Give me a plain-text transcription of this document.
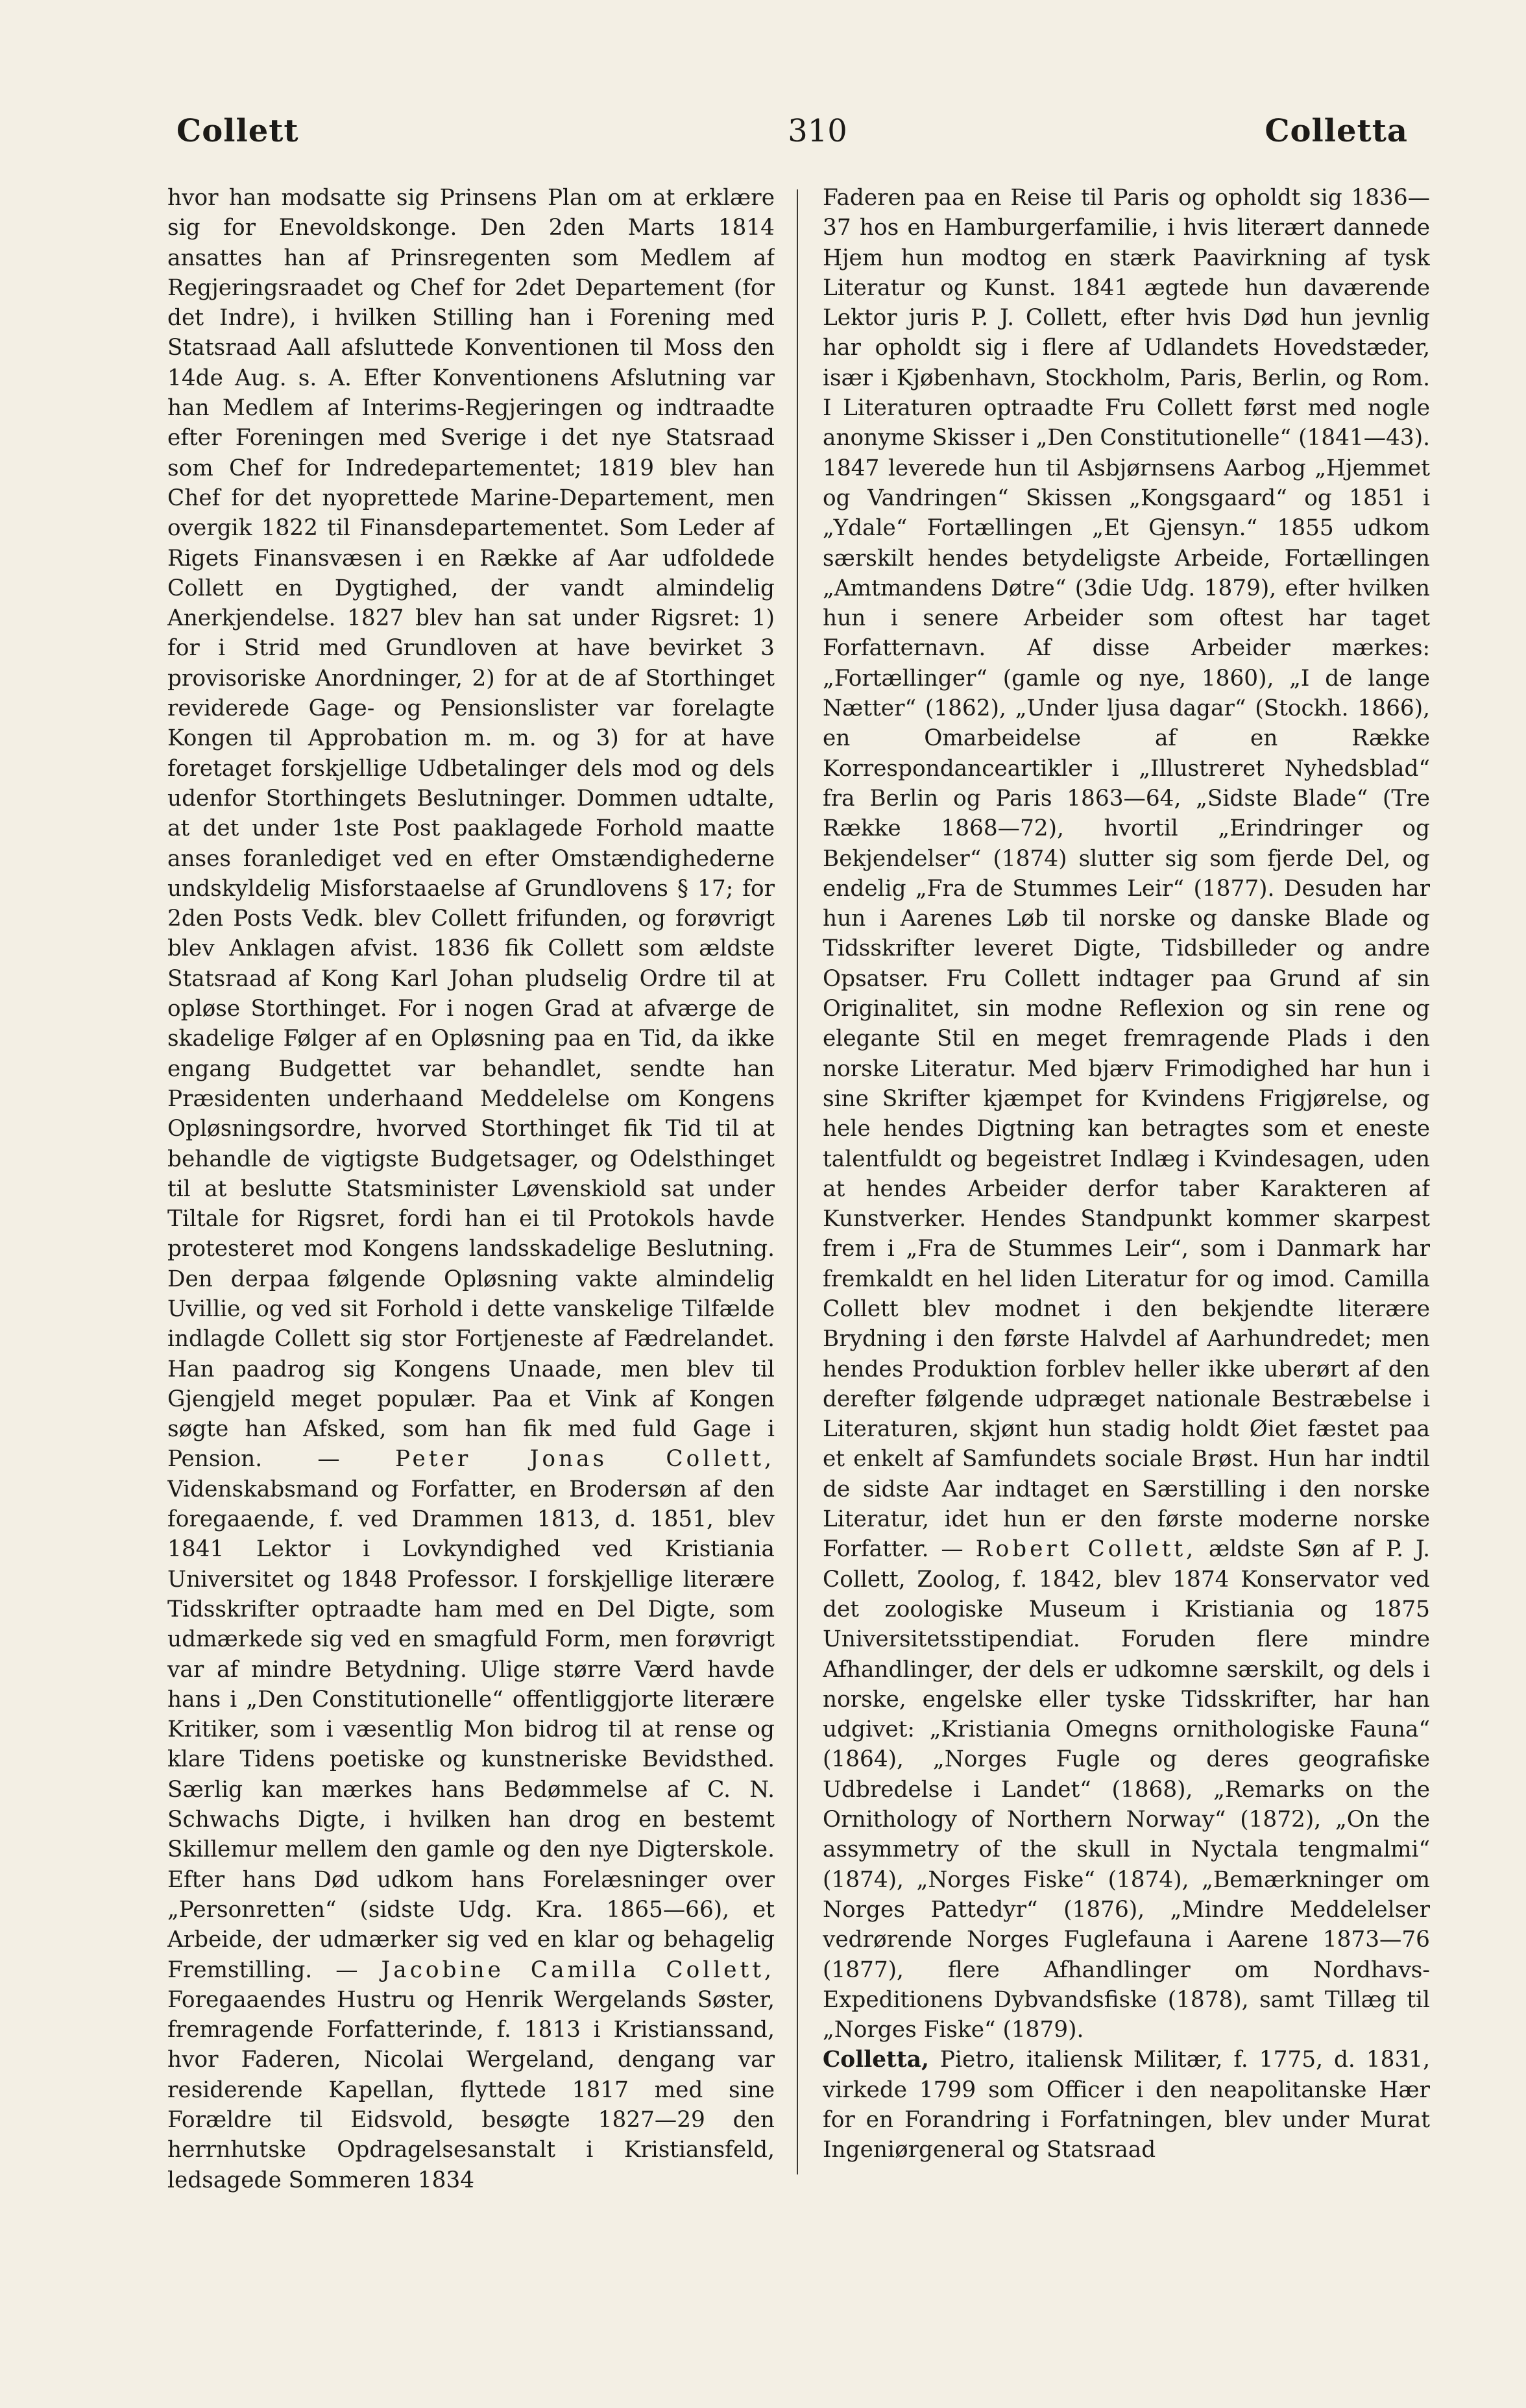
Collett	310	Colletta

hvor han modsatte sig Prinsens Plan om at erklære sig for Enevoldskonge. Den 2den Marts 1814 ansattes han af Prinsregenten som Medlem af Regjeringsraadet og Chef for 2det Departement (for det Indre), i hvilken Stilling han i Forening med Statsraad Aall afsluttede Konventionen til Moss den 14de Aug. s. A. Efter Konventionens Afslutning var han Medlem af Interims-Regjeringen og indtraadte efter Foreningen med Sverige i det nye Statsraad som Chef for Indredepartementet; 1819 blev han Chef for det nyoprettede Marine-Departement, men overgik 1822 til Finansdepartementet. Som Leder af Rigets Finansvæsen i en Række af Aar udfoldede Collett en Dygtighed, der vandt almindelig Anerkjendelse. 1827 blev han sat under Rigsret: 1) for i Strid med Grundloven at have bevirket 3 provisoriske Anordninger, 2) for at de af Storthinget reviderede Gage- og Pensionslister var forelagte Kongen til Approbation m. m. og 3) for at have foretaget forskjellige Udbetalinger dels mod og dels udenfor Storthingets Beslutninger. Dommen udtalte, at det under 1ste Post paaklagede Forhold maatte anses foranlediget ved en efter Omstændighederne undskyldelig Misforstaaelse af Grundlovens § 17; for 2den Posts Vedk. blev Collett frifunden, og forøvrigt blev Anklagen afvist. 1836 fik Collett som ældste Statsraad af Kong Karl Johan pludselig Ordre til at opløse Storthinget. For i nogen Grad at afværge de skadelige Følger af en Opløsning paa en Tid, da ikke engang Budgettet var behandlet, sendte han Præsidenten underhaand Meddelelse om Kongens Opløsningsordre, hvorved Storthinget fik Tid til at behandle de vigtigste Budgetsager, og Odelsthinget til at beslutte Statsminister Løvenskiold sat under Tiltale for Rigsret, fordi han ei til Protokols havde protesteret mod Kongens landsskadelige Beslutning. Den derpaa følgende Opløsning vakte almindelig Uvillie, og ved sit Forhold i dette vanskelige Tilfælde indlagde Collett sig stor Fortjeneste af Fædrelandet. Han paadrog sig Kongens Unaade, men blev til Gjengjeld meget populær. Paa et Vink af Kongen søgte han Afsked, som han fik med fuld Gage i Pension. — Peter Jonas Collett, Videnskabsmand og Forfatter, en Brodersøn af den foregaaende, f. ved Drammen 1813, d. 1851, blev 1841 Lektor i Lovkyndighed ved Kristiania Universitet og 1848 Professor. I forskjellige literære Tidsskrifter optraadte ham med en Del Digte, som udmærkede sig ved en smagfuld Form, men forøvrigt var af mindre Betydning. Ulige større Værd havde hans i „Den Constitutionelle“ offentliggjorte literære Kritiker, som i væsentlig Mon bidrog til at rense og klare Tidens poetiske og kunstneriske Bevidsthed. Særlig kan mærkes hans Bedømmelse af C. N. Schwachs Digte, i hvilken han drog en bestemt Skillemur mellem den gamle og den nye Digterskole. Efter hans Død udkom hans Forelæsninger over „Personretten“ (sidste Udg. Kra. 1865—66), et Arbeide, der udmærker sig ved en klar og behagelig Fremstilling. — Jacobine Camilla Collett, Foregaaendes Hustru og Henrik Wergelands Søster, fremragende Forfatterinde, f. 1813 i Kristianssand, hvor Faderen, Nicolai Wergeland, dengang var residerende Kapellan, flyttede 1817 med sine Forældre til Eidsvold, besøgte 1827—29 den herrnhutske Opdragelsesanstalt i Kristiansfeld, ledsagede Sommeren 1834

Faderen paa en Reise til Paris og opholdt sig 1836—37 hos en Hamburgerfamilie, i hvis literært dannede Hjem hun modtog en stærk Paavirkning af tysk Literatur og Kunst. 1841 ægtede hun daværende Lektor juris P. J. Collett, efter hvis Død hun jevnlig har opholdt sig i flere af Udlandets Hovedstæder, især i Kjøbenhavn, Stockholm, Paris, Berlin, og Rom. I Literaturen optraadte Fru Collett først med nogle anonyme Skisser i „Den Constitutionelle“ (1841—43). 1847 leverede hun til Asbjørnsens Aarbog „Hjemmet og Vandringen“ Skissen „Kongsgaard“ og 1851 i „Ydale“ Fortællingen „Et Gjensyn.“ 1855 udkom særskilt hendes betydeligste Arbeide, Fortællingen „Amtmandens Døtre“ (3die Udg. 1879), efter hvilken hun i senere Arbeider som oftest har taget Forfatternavn. Af disse Arbeider mærkes: „Fortællinger“ (gamle og nye, 1860), „I de lange Nætter“ (1862), „Under ljusa dagar“ (Stockh. 1866), en Omarbeidelse af en Række Korrespondanceartikler i „Illustreret Nyhedsblad“ fra Berlin og Paris 1863—64, „Sidste Blade“ (Tre Række 1868—72), hvortil „Erindringer og Bekjendelser“ (1874) slutter sig som fjerde Del, og endelig „Fra de Stummes Leir“ (1877). Desuden har hun i Aarenes Løb til norske og danske Blade og Tidsskrifter leveret Digte, Tidsbilleder og andre Opsatser. Fru Collett indtager paa Grund af sin Originalitet, sin modne Reflexion og sin rene og elegante Stil en meget fremragende Plads i den norske Literatur. Med bjærv Frimodighed har hun i sine Skrifter kjæmpet for Kvindens Frigjørelse, og hele hendes Digtning kan betragtes som et eneste talentfuldt og begeistret Indlæg i Kvindesagen, uden at hendes Arbeider derfor taber Karakteren af Kunstverker. Hendes Standpunkt kommer skarpest frem i „Fra de Stummes Leir“, som i Danmark har fremkaldt en hel liden Literatur for og imod. Camilla Collett blev modnet i den bekjendte literære Brydning i den første Halvdel af Aarhundredet; men hendes Produktion forblev heller ikke uberørt af den derefter følgende udpræget nationale Bestræbelse i Literaturen, skjønt hun stadig holdt Øiet fæstet paa et enkelt af Samfundets sociale Brøst. Hun har indtil de sidste Aar indtaget en Særstilling i den norske Literatur, idet hun er den første moderne norske Forfatter. — Robert Collett, ældste Søn af P. J. Collett, Zoolog, f. 1842, blev 1874 Konservator ved det zoologiske Museum i Kristiania og 1875 Universitetsstipendiat. Foruden flere mindre Afhandlinger, der dels er udkomne særskilt, og dels i norske, engelske eller tyske Tidsskrifter, har han udgivet: „Kristiania Omegns ornithologiske Fauna“ (1864), „Norges Fugle og deres geografiske Udbredelse i Landet“ (1868), „Remarks on the Ornithology of Northern Norway“ (1872), „On the assymmetry of the skull in Nyctala tengmalmi“ (1874), „Norges Fiske“ (1874), „Bemærkninger om Norges Pattedyr“ (1876), „Mindre Meddelelser vedrørende Norges Fuglefauna i Aarene 1873—76 (1877), flere Afhandlinger om Nordhavs-Expeditionens Dybvandsfiske (1878), samt Tillæg til „Norges Fiske“ (1879).

Colletta, Pietro, italiensk Militær, f. 1775, d. 1831, virkede 1799 som Officer i den neapolitanske Hær for en Forandring i Forfatningen, blev under Murat Ingeniørgeneral og Statsraad
